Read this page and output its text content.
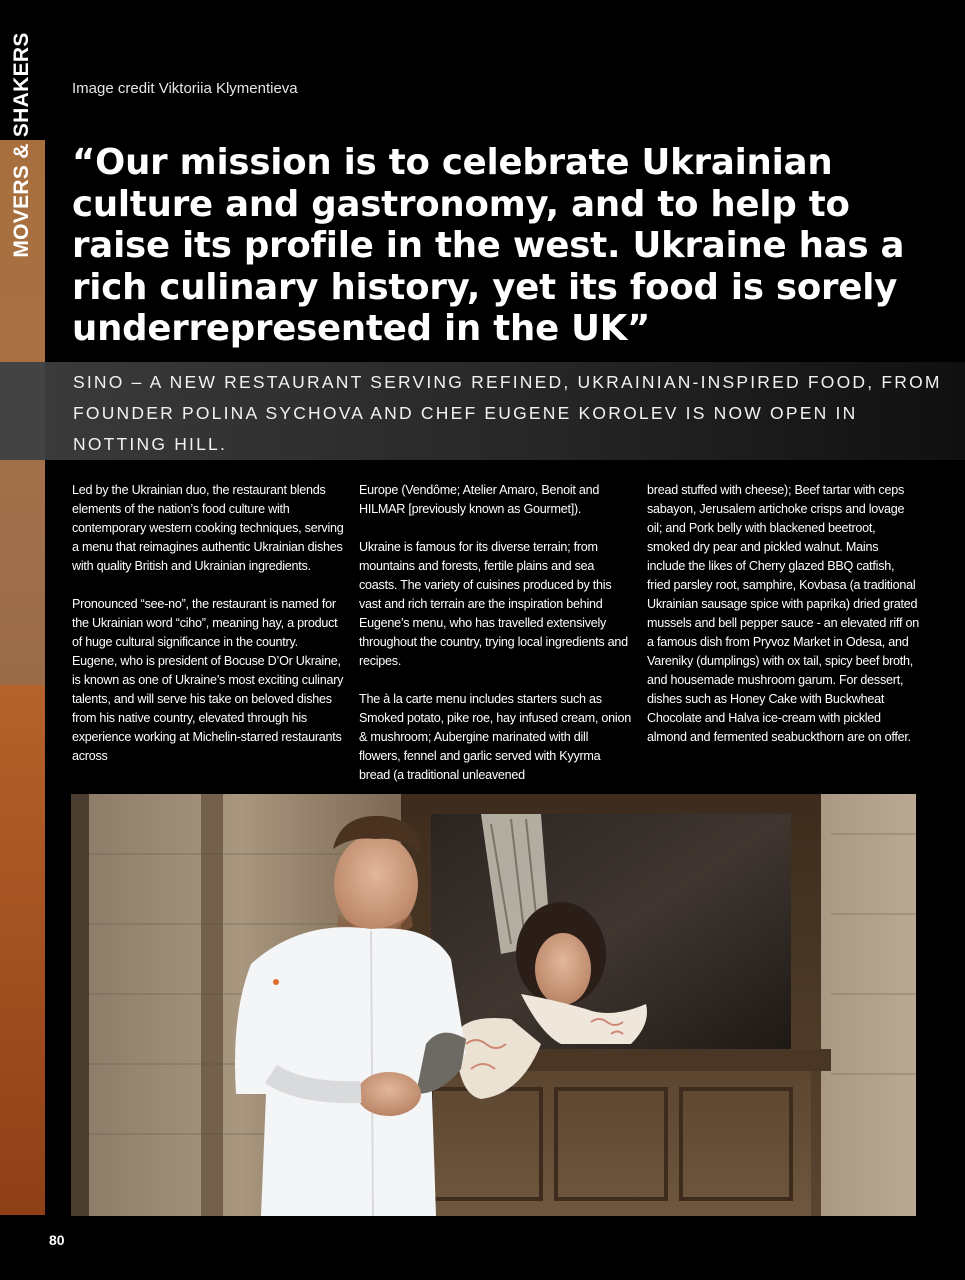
MOVERS & SHAKERS	Image credit Viktoriia Klymentieva
“Our mission is to celebrate Ukrainian culture and gastronomy, and to help to raise its profile in the west. Ukraine has a rich culinary history, yet its food is sorely underrepresented in the UK”

SINO – A NEW RESTAURANT SERVING REFINED, UKRAINIAN-INSPIRED FOOD, FROM FOUNDER POLINA SYCHOVA AND CHEF EUGENE KOROLEV IS NOW OPEN IN NOTTING HILL.

Led by the Ukrainian duo, the restaurant blends elements of the nation’s food culture with contemporary western cooking techniques, serving a menu that reimagines authentic Ukrainian dishes with quality British and Ukrainian ingredients.

Pronounced “see-no”, the restaurant is named for the Ukrainian word “ciho”, meaning hay, a product of huge cultural significance in the country. Eugene, who is president of Bocuse D’Or Ukraine, is known as one of Ukraine’s most exciting culinary talents, and will serve his take on beloved dishes from his native country, elevated through his experience working at Michelin-starred restaurants across

Europe (Vendôme; Atelier Amaro, Benoit and HILMAR [previously known as Gourmet]).

Ukraine is famous for its diverse terrain; from mountains and forests, fertile plains and sea coasts. The variety of cuisines produced by this vast and rich terrain are the inspiration behind Eugene’s menu, who has travelled extensively throughout the country, trying local ingredients and recipes.

The à la carte menu includes starters such as Smoked potato, pike roe, hay infused cream, onion & mushroom; Aubergine marinated with dill flowers, fennel and garlic served with Kyyrma bread (a traditional unleavened

bread stuffed with cheese); Beef tartar with ceps sabayon, Jerusalem artichoke crisps and lovage oil; and Pork belly with blackened beetroot, smoked dry pear and pickled walnut. Mains include the likes of Cherry glazed BBQ catfish, fried parsley root, samphire, Kovbasa (a traditional Ukrainian sausage spice with paprika) dried grated mussels and bell pepper sauce - an elevated riff on a famous dish from Pryvoz Market in Odesa, and Vareniky (dumplings) with ox tail, spicy beef broth, and housemade mushroom garum. For dessert, dishes such as Honey Cake with Buckwheat Chocolate and Halva ice-cream with pickled almond and fermented seabuckthorn are on offer.

80
